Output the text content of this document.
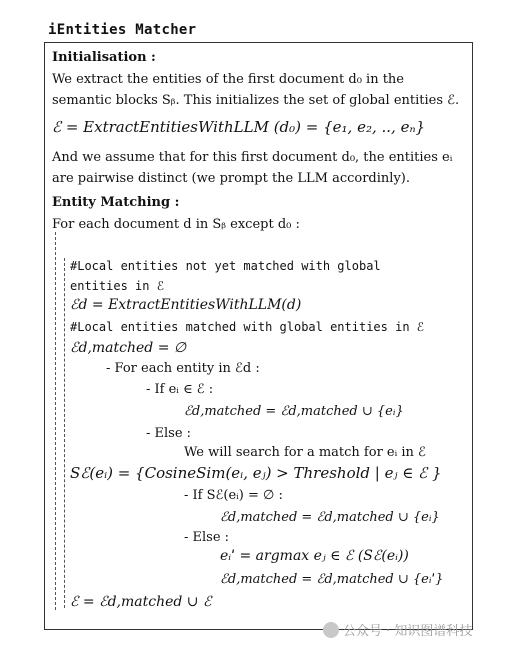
iEntities Matcher
Initialisation :
We extract the entities of the first document d₀ in the
semantic blocks Sᵦ. This initializes the set of global entities ℰ.
ℰ = ExtractEntitiesWithLLM (d₀) = {e₁, e₂, .., eₙ}
And we assume that for this first document d₀, the entities eᵢ
are pairwise distinct (we prompt the LLM accordinly).
Entity Matching :
For each document d in Sᵦ except d₀ :
#Local entities not yet matched with global
entities in ℰ
ℰd = ExtractEntitiesWithLLM(d)
#Local entities matched with global entities in ℰ
ℰd,matched = ∅
- For each entity in ℰd :
- If eᵢ ∈ ℰ :
ℰd,matched = ℰd,matched ∪ {eᵢ}
- Else :
We will search for a match for eᵢ in ℰ
Sℰ(eᵢ) = {CosineSim(eᵢ, eⱼ) > Threshold | eⱼ ∈ ℰ }
- If Sℰ(eᵢ) = ∅ :
ℰd,matched = ℰd,matched ∪ {eᵢ}
- Else :
eᵢˈ = argmax eⱼ ∈ ℰ (Sℰ(eᵢ))
ℰd,matched = ℰd,matched ∪ {eᵢˈ}
ℰ = ℰd,matched ∪ ℰ
公众号 · 知识图谱科技
